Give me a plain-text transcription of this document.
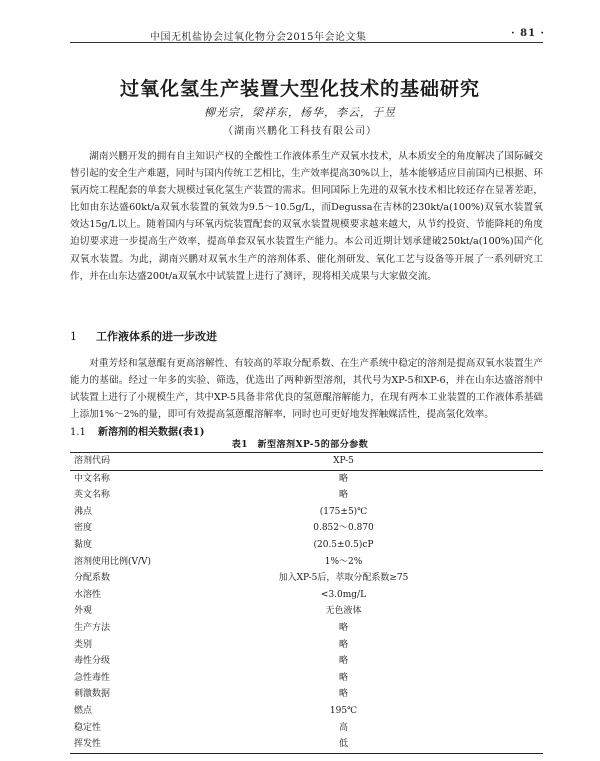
中国无机盐协会过氧化物分会2015年会论文集	· 81 ·
过氧化氢生产装置大型化技术的基础研究
柳光宗，梁祥东，杨华，李云，于昱
（湖南兴鹏化工科技有限公司）

湖南兴鹏开发的拥有自主知识产权的全酸性工作液体系生产双氧水技术，从本质安全的角度解决了国际碱交替引起的安全生产难题，同时与国内传统工艺相比，生产效率提高30%以上，基本能够适应目前国内已根据、环氧丙烷工程配套的单套大规模过氧化氢生产装置的需求。但同国际上先进的双氧水技术相比较还存在显著差距，比如由东达盛60kt/a双氧水装置的氧效为9.5～10.5g/L，而Degussa在吉林的230kt/a(100%)双氧水装置氧效达15g/L以上。随着国内与环氧丙烷装置配套的双氧水装置规模要求越来越大，从节约投资、节能降耗的角度迫切要求进一步提高生产效率，提高单套双氧水装置生产能力。本公司近期计划承建破250kt/a(100%)国产化双氧水装置。为此，湖南兴鹏对双氧水生产的溶剂体系、催化剂研发、氧化工艺与设备等开展了一系列研究工作，并在山东达盛200t/a双氧水中试装置上进行了测评，现将相关成果与大家做交流。

1 工作液体系的进一步改进

对重芳烃和氢蒽醌有更高溶解性、有较高的萃取分配系数、在生产系统中稳定的溶剂是提高双氧水装置生产能力的基础。经过一年多的实验、筛选，优选出了两种新型溶剂，其代号为XP-5和XP-6，并在山东达盛溶剂中试装置上进行了小规模生产，其中XP-5具备非常优良的氢蒽醌溶解能力，在现有两本工业装置的工作液体系基础上添加1%～2%的量，即可有效提高氢蒽醌溶解率，同时也可更好地发挥触媒活性，提高氢化效率。

1.1 新溶剂的相关数据(表1)
表1　新型溶剂XP-5的部分参数
溶剂代码	XP-5
中文名称	略
英文名称	略
沸点	(175±5)℃
密度	0.852～0.870
黏度	(20.5±0.5)cP
溶剂使用比例(V/V)	1%～2%
分配系数	加入XP-5后，萃取分配系数≥75
水溶性	<3.0mg/L
外观	无色液体
生产方法	略
类别	略
毒性分级	略
急性毒性	略
刺激数据	略
燃点	195℃
稳定性	高
挥发性	低
